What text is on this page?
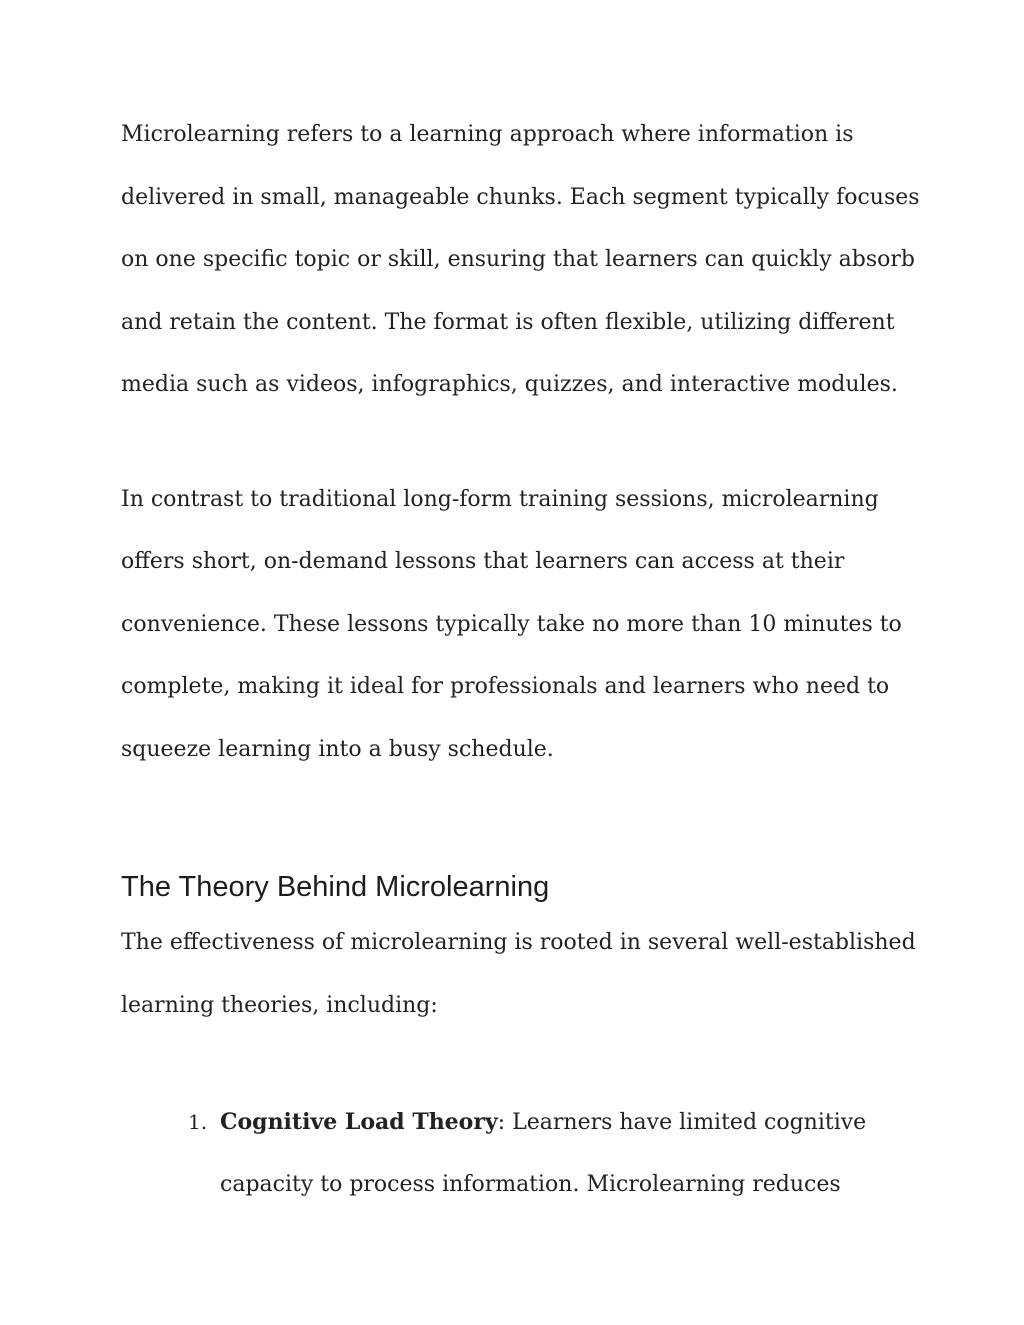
Microlearning refers to a learning approach where information is
delivered in small, manageable chunks. Each segment typically focuses
on one specific topic or skill, ensuring that learners can quickly absorb
and retain the content. The format is often flexible, utilizing different
media such as videos, infographics, quizzes, and interactive modules.
In contrast to traditional long-form training sessions, microlearning
offers short, on-demand lessons that learners can access at their
convenience. These lessons typically take no more than 10 minutes to
complete, making it ideal for professionals and learners who need to
squeeze learning into a busy schedule.
The Theory Behind Microlearning
The effectiveness of microlearning is rooted in several well-established
learning theories, including:
1. Cognitive Load Theory: Learners have limited cognitive
capacity to process information. Microlearning reduces
